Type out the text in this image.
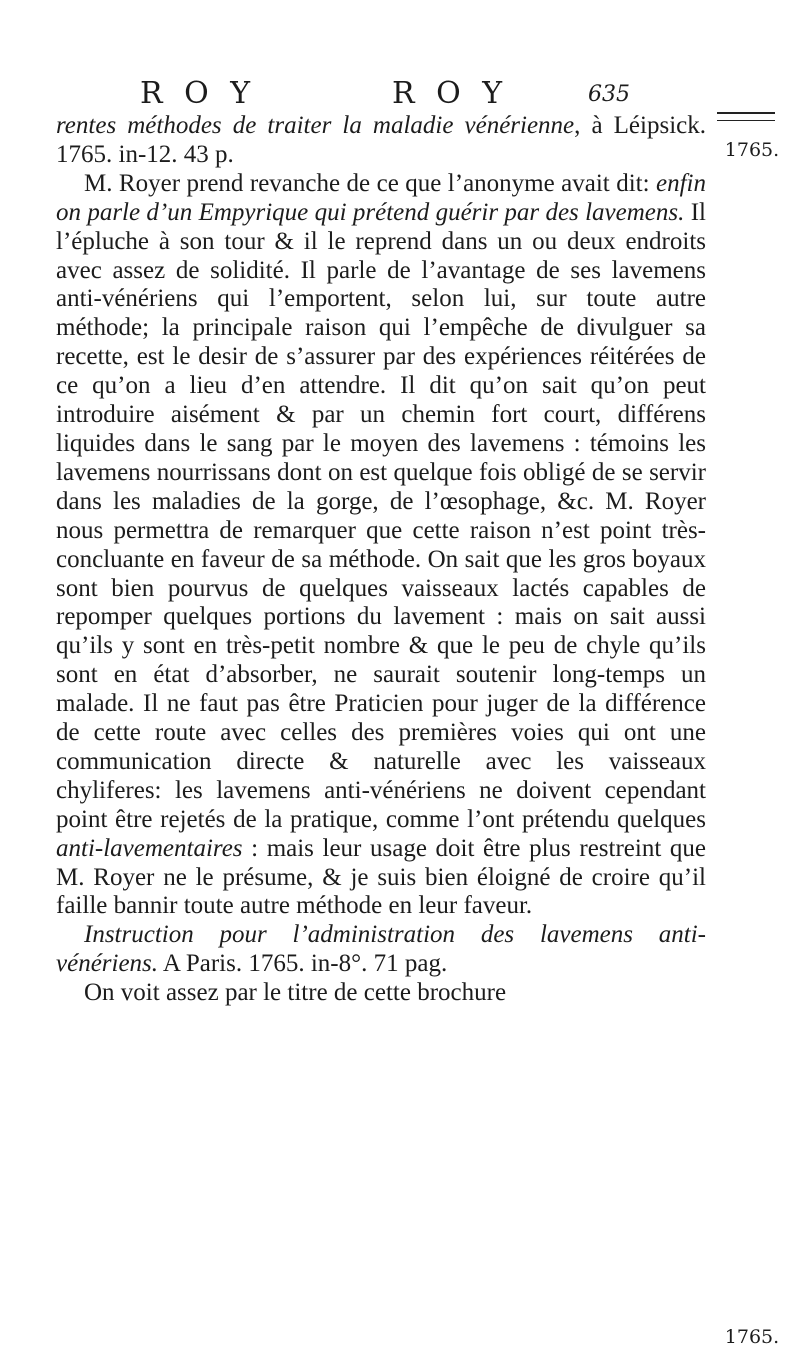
R O Y	R O Y	635
1765.
1765.

rentes méthodes de traiter la maladie vénérienne, à Léipsick. 1765. in-12. 43 p.

M. Royer prend revanche de ce que l’anonyme avait dit: enfin on parle d’un Empyrique qui prétend guérir par des lavemens. Il l’épluche à son tour & il le reprend dans un ou deux endroits avec assez de solidité. Il parle de l’avantage de ses lavemens anti-vénériens qui l’emportent, selon lui, sur toute autre méthode; la principale raison qui l’empêche de divulguer sa recette, est le desir de s’assurer par des expériences réitérées de ce qu’on a lieu d’en attendre. Il dit qu’on sait qu’on peut introduire aisément & par un chemin fort court, différens liquides dans le sang par le moyen des lavemens : témoins les lavemens nourrissans dont on est quelque fois obligé de se servir dans les maladies de la gorge, de l’œsophage, &c. M. Royer nous permettra de remarquer que cette raison n’est point très-concluante en faveur de sa méthode. On sait que les gros boyaux sont bien pourvus de quelques vaisseaux lactés capables de repomper quelques portions du lavement : mais on sait aussi qu’ils y sont en très-petit nombre & que le peu de chyle qu’ils sont en état d’absorber, ne saurait soutenir long-temps un malade. Il ne faut pas être Praticien pour juger de la différence de cette route avec celles des premières voies qui ont une communication directe & naturelle avec les vaisseaux chyliferes: les lavemens anti-vénériens ne doivent cependant point être rejetés de la pratique, comme l’ont prétendu quelques anti-lavementaires : mais leur usage doit être plus restreint que M. Royer ne le présume, & je suis bien éloigné de croire qu’il faille bannir toute autre méthode en leur faveur.

Instruction pour l’administration des lavemens anti-vénériens. A Paris. 1765. in-8°. 71 pag.

On voit assez par le titre de cette brochure
